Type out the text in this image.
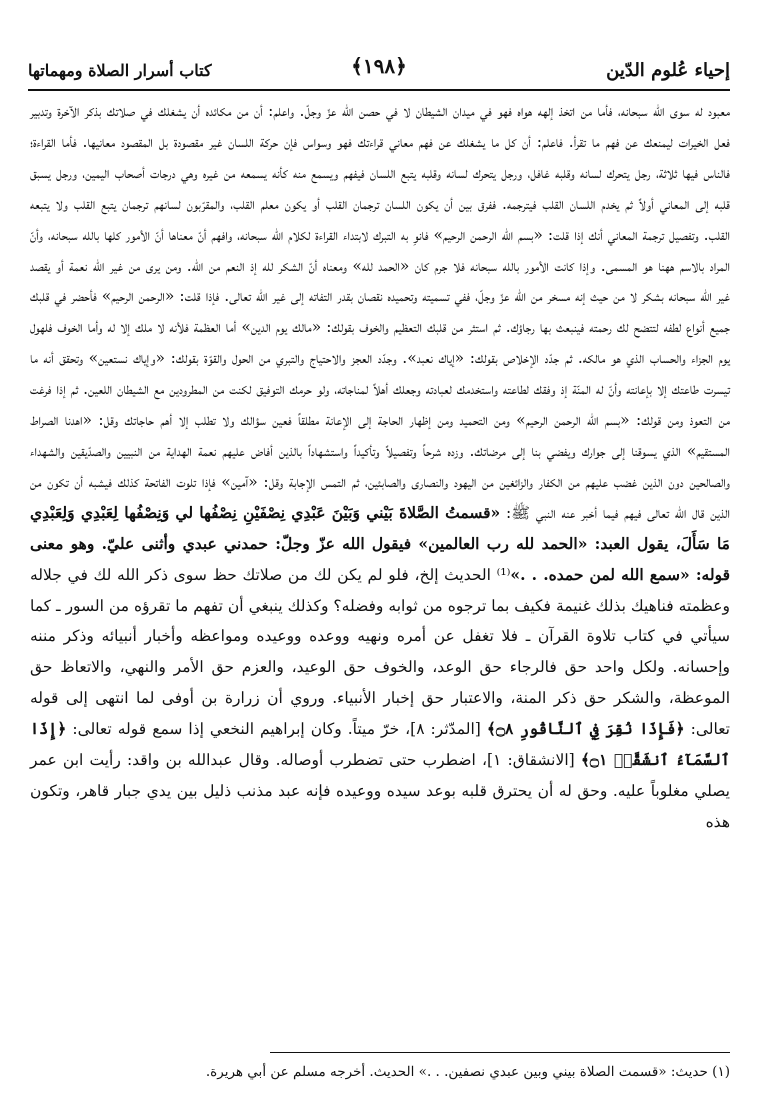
إحياء عُلوم الدّين
﴿١٩٨﴾
كتاب أسرار الصلاة ومهماتها

معبود له سوى الله سبحانه، فأما من اتخذ إلهه هواه فهو في ميدان الشيطان لا في حصن الله عزّ وجلّ. واعلم: أن من مكائده أن يشغلك في صلاتك بذكر الآخرة وتدبير فعل الخيرات ليمنعك عن فهم ما تقرأ. فاعلم: أن كل ما يشغلك عن فهم معاني قراءتك فهو وسواس فإن حركة اللسان غير مقصودة بل المقصود معانيها. فأما القراءة؛ فالناس فيها ثلاثة، رجل يتحرك لسانه وقلبه غافل، ورجل يتحرك لسانه وقلبه يتبع اللسان فيفهم ويسمع منه كأنه يسمعه من غيره وهي درجات أصحاب اليمين، ورجل يسبق قلبه إلى المعاني أولاً ثم يخدم اللسان القلب فيترجمه. ففرق بين أن يكون اللسان ترجمان القلب أو يكون معلم القلب، والمقرّبون لسانهم ترجمان يتبع القلب ولا يتبعه القلب. وتفصيل ترجمة المعاني أنك إذا قلت: «بسم الله الرحمن الرحيم» فانوِ به التبرك لابتداء القراءة لكلام الله سبحانه، وافهم أنّ معناها أنّ الأمور كلها بالله سبحانه، وأنّ المراد بالاسم ههنا هو المسمى. وإذا كانت الأمور بالله سبحانه فلا جرم كان «الحمد لله» ومعناه أنّ الشكر لله إذ النعم من الله. ومن يرى من غير الله نعمة أو يقصد غير الله سبحانه بشكر لا من حيث إنه مسخر من الله عزّ وجلّ، ففي تسميته وتحميده نقصان بقدر التفاته إلى غير الله تعالى. فإذا قلت: «الرحمن الرحيم» فأحضر في قلبك جميع أنواع لطفه لتتضح لك رحمته فينبعث بها رجاؤك. ثم استثر من قلبك التعظيم والخوف بقولك: «مالك يوم الدين» أما العظمة فلأنه لا ملك إلا له وأما الخوف فلهول يوم الجزاء والحساب الذي هو مالكه. ثم جدّد الإخلاص بقولك: «إياك نعبد». وجدّد العجز والاحتياج والتبري من الحول والقوّة بقولك: «وإياك نستعين» وتحقق أنه ما تيسرت طاعتك إلا بإعانته وأنّ له المنّة إذ وفقك لطاعته واستخدمك لعبادته وجعلك أهلاً لمناجاته، ولو حرمك التوفيق لكنت من المطرودين مع الشيطان اللعين. ثم إذا فرغت من التعوذ ومن قولك: «بسم الله الرحمن الرحيم» ومن التحميد ومن إظهار الحاجة إلى الإعانة مطلقاً فعين سؤالك ولا تطلب إلا أهم حاجاتك وقل: «اهدنا الصراط المستقيم» الذي يسوقنا إلى جوارك ويفضي بنا إلى مرضاتك. وزده شرحاً وتفصيلاً وتأكيداً واستشهاداً بالذين أفاض عليهم نعمة الهداية من النبيين والصدّيقين والشهداء والصالحين دون الذين غضب عليهم من الكفار والزائغين من اليهود والنصارى والصابئين، ثم التمس الإجابة وقل: «آمين» فإذا تلوت الفاتحة كذلك فيشبه أن تكون من الذين قال الله تعالى فيهم فيما أخبر عنه النبي ﷺ: «قسمتُ الصَّلاةَ بَيْني وَبَيْنَ عَبْدِي نِصْفَيْنِ نِصْفُها لي وَنِصْفُها لِعَبْدِي وَلِعَبْدِي مَا سَأَلَ، يقول العبد: «الحمد لله رب العالمين» فيقول الله عزّ وجلّ: حمدني عبدي وأثنى عليّ. وهو معنى قوله: «سمع الله لمن حمده. . .»⁽¹⁾ الحديث إلخ، فلو لم يكن لك من صلاتك حظ سوى ذكر الله لك في جلاله وعظمته فناهيك بذلك غنيمة فكيف بما ترجوه من ثوابه وفضله؟ وكذلك ينبغي أن تفهم ما تقرؤه من السور ـ كما سيأتي في كتاب تلاوة القرآن ـ فلا تغفل عن أمره ونهيه ووعده ووعيده ومواعظه وأخبار أنبيائه وذكر مننه وإحسانه. ولكل واحد حق فالرجاء حق الوعد، والخوف حق الوعيد، والعزم حق الأمر والنهي، والاتعاظ حق الموعظة، والشكر حق ذكر المنة، والاعتبار حق إخبار الأنبياء. وروي أن زرارة بن أوفى لما انتهى إلى قوله تعالى: ﴿فَإِذَا نُقِرَ فِي ٱلنَّاقُورِ ۝٨﴾ [المدّثر: ٨]، خرّ ميتاً. وكان إبراهيم النخعي إذا سمع قوله تعالى: ﴿إِذَا ٱلسَّمَآءُ ٱنشَقَّتۡ ۝١﴾ [الانشقاق: ١]، اضطرب حتى تضطرب أوصاله. وقال عبدالله بن واقد: رأيت ابن عمر يصلي مغلوباً عليه. وحق له أن يحترق قلبه بوعد سيده ووعيده فإنه عبد مذنب ذليل بين يدي جبار قاهر، وتكون هذه

(١) حديث: «قسمت الصلاة بيني وبين عبدي نصفين. . .» الحديث. أخرجه مسلم عن أبي هريرة.
